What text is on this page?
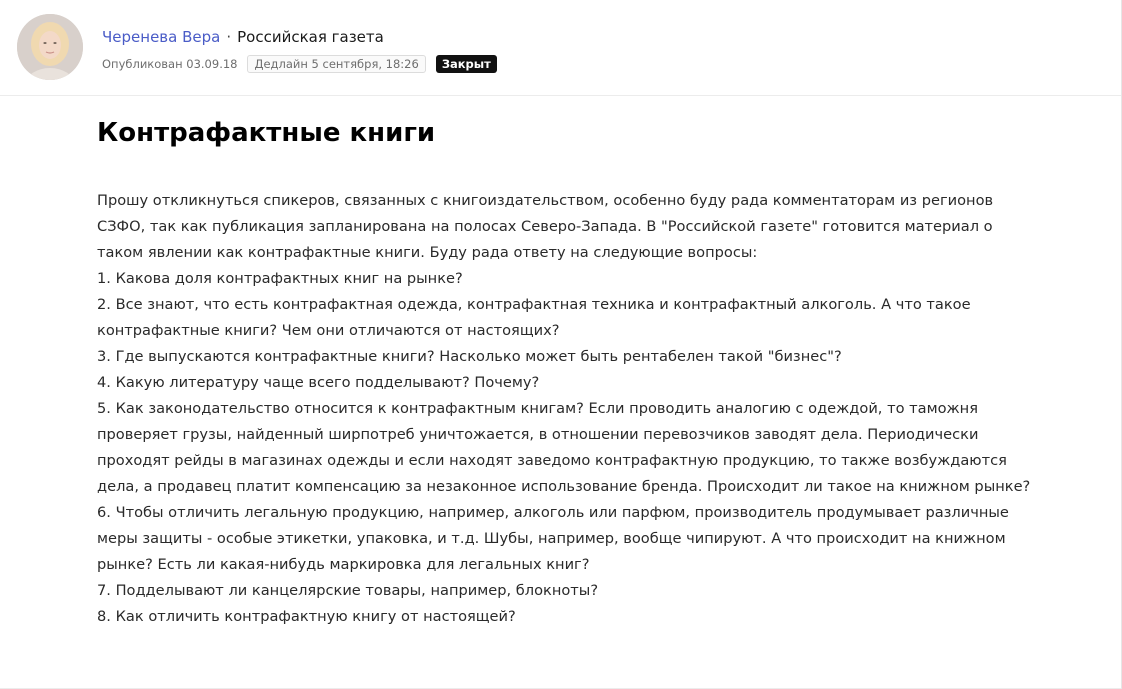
Черенева Вера · Российская газета
Опубликован 03.09.18	Дедлайн 5 сентября, 18:26	Закрыт
Контрафактные книги

Прошу откликнуться спикеров, связанных с книгоиздательством, особенно буду рада комментаторам из регионов СЗФО, так как публикация запланирована на полосах Северо-Запада. В "Российской газете" готовится материал о таком явлении как контрафактные книги. Буду рада ответу на следующие вопросы:

1. Какова доля контрафактных книг на рынке?

2. Все знают, что есть контрафактная одежда, контрафактная техника и контрафактный алкоголь. А что такое контрафактные книги? Чем они отличаются от настоящих?

3. Где выпускаются контрафактные книги? Насколько может быть рентабелен такой "бизнес"?

4. Какую литературу чаще всего подделывают? Почему?

5. Как законодательство относится к контрафактным книгам? Если проводить аналогию с одеждой, то таможня проверяет грузы, найденный ширпотреб уничтожается, в отношении перевозчиков заводят дела. Периодически проходят рейды в магазинах одежды и если находят заведомо контрафактную продукцию, то также возбуждаются дела, а продавец платит компенсацию за незаконное использование бренда. Происходит ли такое на книжном рынке?

6. Чтобы отличить легальную продукцию, например, алкоголь или парфюм, производитель продумывает различные меры защиты - особые этикетки, упаковка, и т.д. Шубы, например, вообще чипируют. А что происходит на книжном рынке? Есть ли какая-нибудь маркировка для легальных книг?

7. Подделывают ли канцелярские товары, например, блокноты?

8. Как отличить контрафактную книгу от настоящей?
